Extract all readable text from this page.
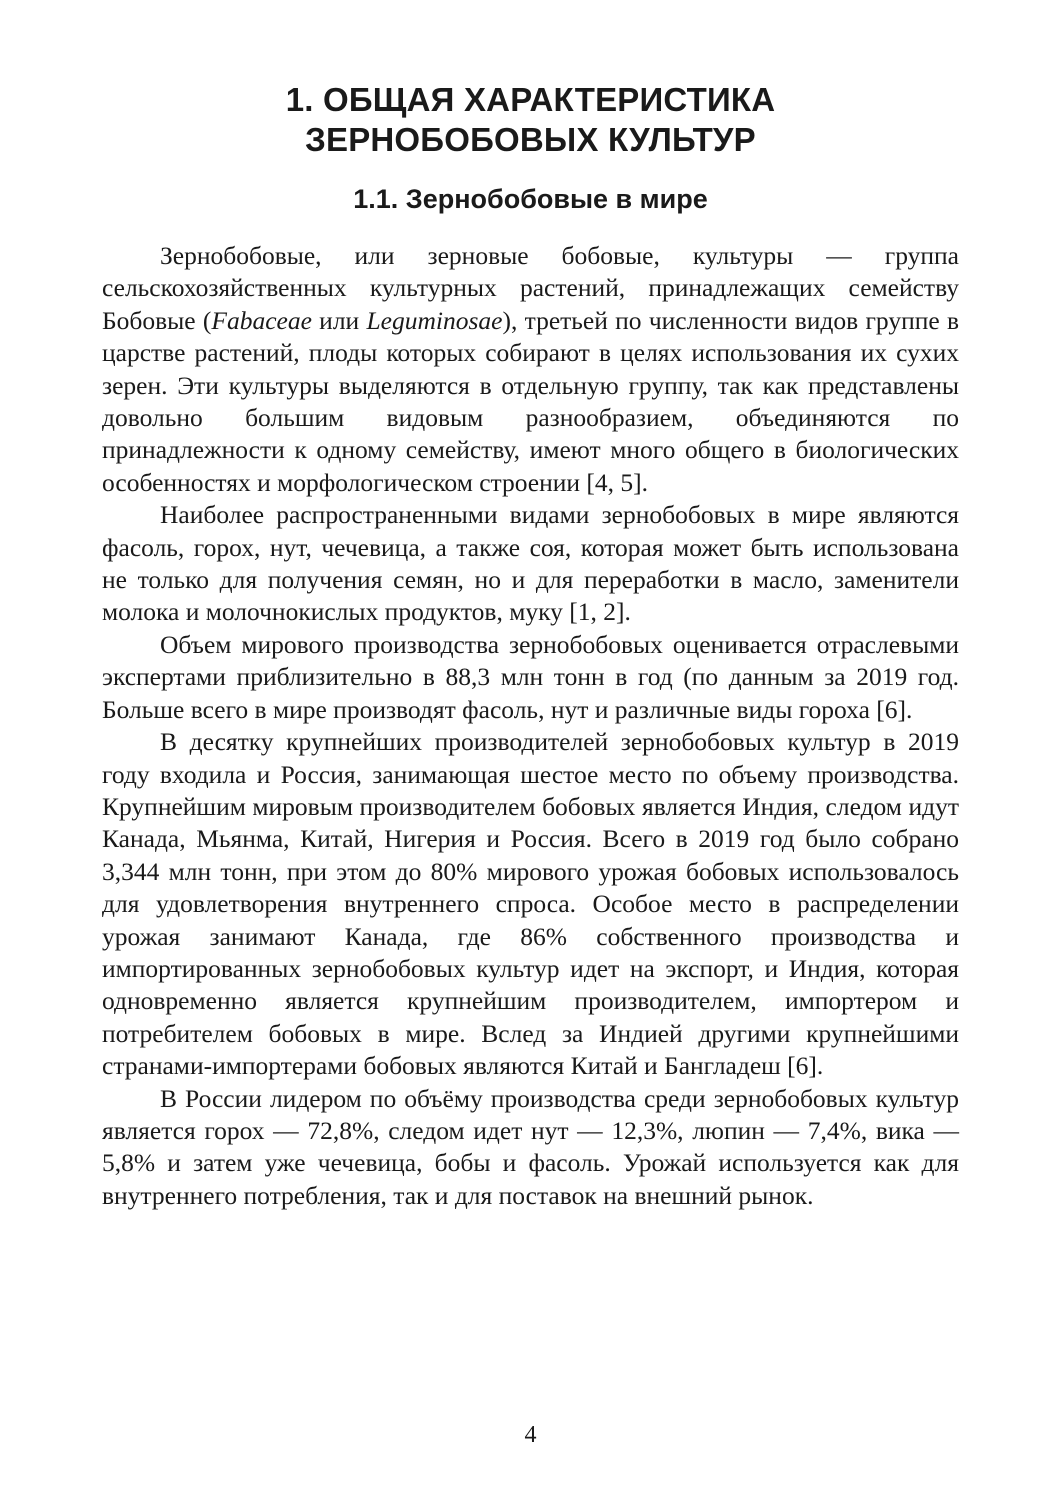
1. ОБЩАЯ ХАРАКТЕРИСТИКА
ЗЕРНОБОБОВЫХ КУЛЬТУР
1.1. Зернобобовые в мире

Зернобобовые, или зерновые бобовые, культуры — группа сельскохозяйственных культурных растений, принадлежащих семейству Бобовые (Fabaceae или Leguminosae), третьей по численности видов группе в царстве растений, плоды которых собирают в целях использования их сухих зерен. Эти культуры выделяются в отдельную группу, так как представлены довольно большим видовым разнообразием, объединяются по принадлежности к одному семейству, имеют много общего в биологических особенностях и морфологическом строении [4, 5].

Наиболее распространенными видами зернобобовых в мире являются фасоль, горох, нут, чечевица, а также соя, которая может быть использована не только для получения семян, но и для переработки в масло, заменители молока и молочнокислых продуктов, муку [1, 2].

Объем мирового производства зернобобовых оценивается отраслевыми экспертами приблизительно в 88,3 млн тонн в год (по данным за 2019 год. Больше всего в мире производят фасоль, нут и различные виды гороха [6].

В десятку крупнейших производителей зернобобовых культур в 2019 году входила и Россия, занимающая шестое место по объему производства. Крупнейшим мировым производителем бобовых является Индия, следом идут Канада, Мьянма, Китай, Нигерия и Россия. Всего в 2019 год было собрано 3,344 млн тонн, при этом до 80% мирового урожая бобовых использовалось для удовлетворения внутреннего спроса. Особое место в распределении урожая занимают Канада, где 86% собственного производства и импортированных зернобобовых культур идет на экспорт, и Индия, которая одновременно является крупнейшим производителем, импортером и потребителем бобовых в мире. Вслед за Индией другими крупнейшими странами-импортерами бобовых являются Китай и Бангладеш [6].

В России лидером по объёму производства среди зернобобовых культур является горох — 72,8%, следом идет нут — 12,3%, люпин — 7,4%, вика — 5,8% и затем уже чечевица, бобы и фасоль. Урожай используется как для внутреннего потребления, так и для поставок на внешний рынок.

4
